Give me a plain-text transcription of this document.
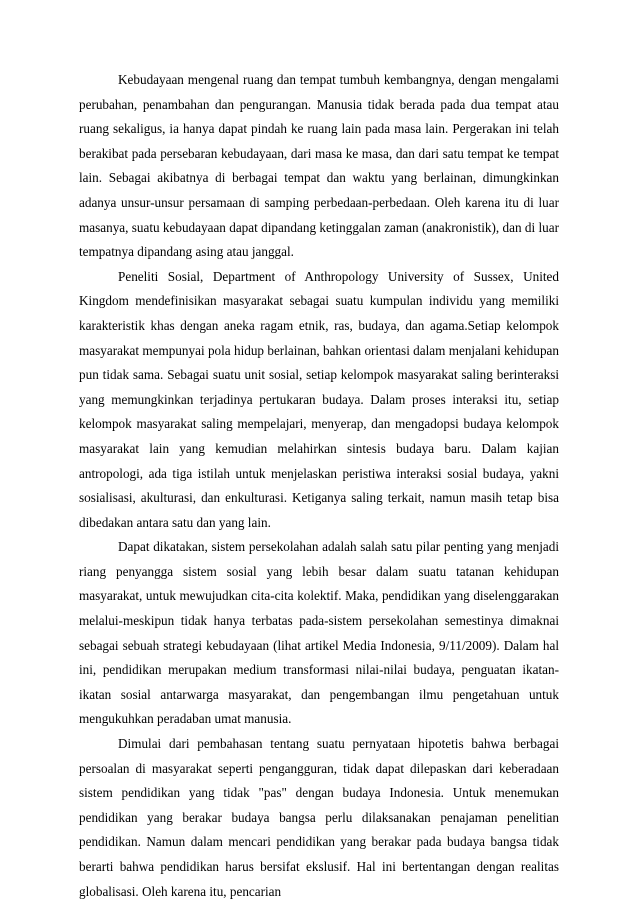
Kebudayaan mengenal ruang dan tempat tumbuh kembangnya, dengan mengalami perubahan, penambahan dan pengurangan. Manusia tidak berada pada dua tempat atau ruang sekaligus, ia hanya dapat pindah ke ruang lain pada masa lain. Pergerakan ini telah berakibat pada persebaran kebudayaan, dari masa ke masa, dan dari satu tempat ke tempat lain. Sebagai akibatnya di berbagai tempat dan waktu yang berlainan, dimungkinkan adanya unsur-unsur persamaan di samping perbedaan-perbedaan. Oleh karena itu di luar masanya, suatu kebudayaan dapat dipandang ketinggalan zaman (anakronistik), dan di luar tempatnya dipandang asing atau janggal.

Peneliti Sosial, Department of Anthropology University of Sussex, United Kingdom mendefinisikan masyarakat sebagai suatu kumpulan individu yang memiliki karakteristik khas dengan aneka ragam etnik, ras, budaya, dan agama.Setiap kelompok masyarakat mempunyai pola hidup berlainan, bahkan orientasi dalam menjalani kehidupan pun tidak sama. Sebagai suatu unit sosial, setiap kelompok masyarakat saling berinteraksi yang memungkinkan terjadinya pertukaran budaya. Dalam proses interaksi itu, setiap kelompok masyarakat saling mempelajari, menyerap, dan mengadopsi budaya kelompok masyarakat lain yang kemudian melahirkan sintesis budaya baru. Dalam kajian antropologi, ada tiga istilah untuk menjelaskan peristiwa interaksi sosial budaya, yakni sosialisasi, akulturasi, dan enkulturasi. Ketiganya saling terkait, namun masih tetap bisa dibedakan antara satu dan yang lain.

Dapat dikatakan, sistem persekolahan adalah salah satu pilar penting yang menjadi riang penyangga sistem sosial yang lebih besar dalam suatu tatanan kehidupan masyarakat, untuk mewujudkan cita-cita kolektif. Maka, pendidikan yang diselenggarakan melalui-meskipun tidak hanya terbatas pada-sistem persekolahan semestinya dimaknai sebagai sebuah strategi kebudayaan (lihat artikel Media Indonesia, 9/11/2009). Dalam hal ini, pendidikan merupakan medium transformasi nilai-nilai budaya, penguatan ikatan-ikatan sosial antarwarga masyarakat, dan pengembangan ilmu pengetahuan untuk mengukuhkan peradaban umat manusia.

Dimulai dari pembahasan tentang suatu pernyataan hipotetis bahwa berbagai persoalan di masyarakat seperti pengangguran, tidak dapat dilepaskan dari keberadaan sistem pendidikan yang tidak "pas" dengan budaya Indonesia. Untuk menemukan pendidikan yang berakar budaya bangsa perlu dilaksanakan penajaman penelitian pendidikan. Namun dalam mencari pendidikan yang berakar pada budaya bangsa tidak berarti bahwa pendidikan harus bersifat ekslusif. Hal ini bertentangan dengan realitas globalisasi. Oleh karena itu, pencarian
